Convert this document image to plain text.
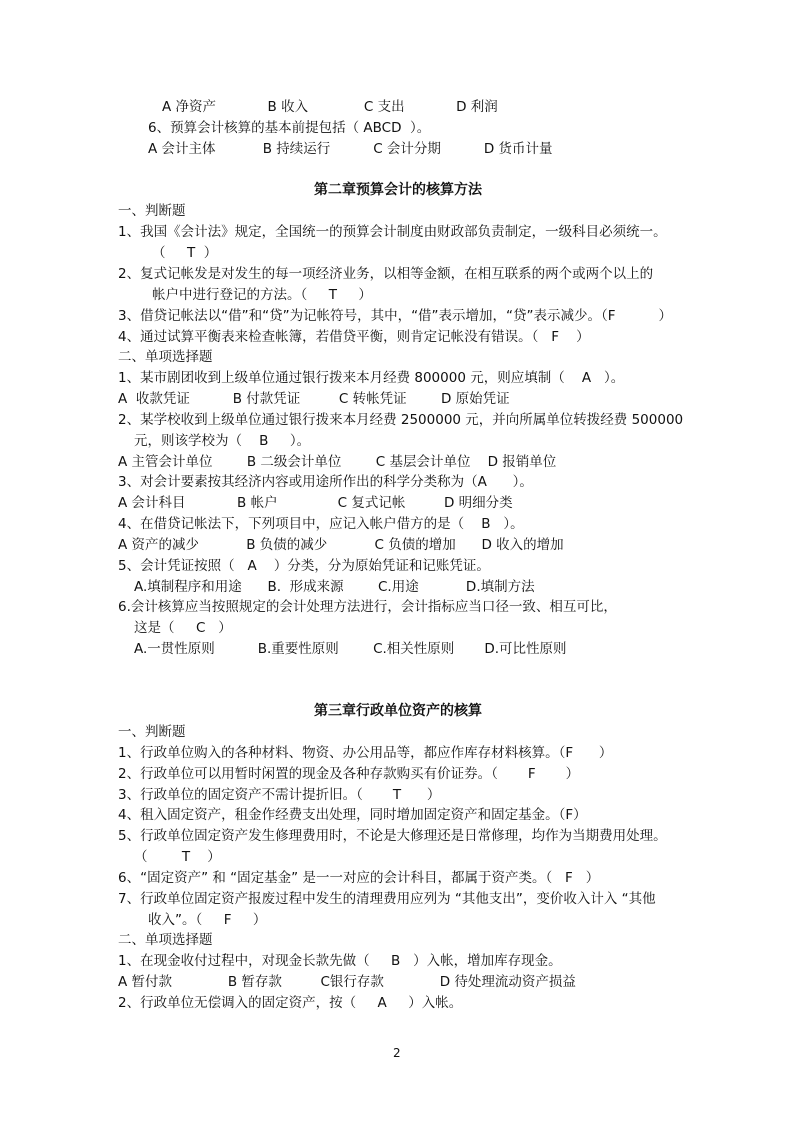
A 净资产            B 收入             C 支出            D 利润
6、预算会计核算的基本前提包括（ ABCD  ）。
A 会计主体           B 持续运行          C 会计分期          D 货币计量
第二章预算会计的核算方法
一、判断题
1、我国《会计法》规定，全国统一的预算会计制度由财政部负责制定，一级科目必须统一。
（     T  ）
2、复式记帐发是对发生的每一项经济业务，以相等金额，在相互联系的两个或两个以上的
帐户中进行登记的方法。（     T     ）
3、借贷记帐法以“借”和“贷”为记帐符号，其中，“借”表示增加，“贷”表示减少。（F          ）
4、通过试算平衡表来检查帐簿，若借贷平衡，则肯定记帐没有错误。（   F    ）
二、单项选择题
1、某市剧团收到上级单位通过银行拨来本月经费 800000 元，则应填制（    A   ）。
A  收款凭证          B 付款凭证         C 转帐凭证        D 原始凭证
2、某学校收到上级单位通过银行拨来本月经费 2500000 元，并向所属单位转拨经费 500000
元，则该学校为（    B     ）。
A 主管会计单位        B 二级会计单位        C 基层会计单位    D 报销单位
3、对会计要素按其经济内容或用途所作出的科学分类称为（A      ）。
A 会计科目            B 帐户              C 复式记帐         D 明细分类
4、在借贷记帐法下，下列项目中，应记入帐户借方的是（    B   ）。
A 资产的减少           B 负债的减少           C 负债的增加      D 收入的增加
5、会计凭证按照（   A    ）分类，分为原始凭证和记账凭证。
A.填制程序和用途      B.  形成来源        C.用途           D.填制方法
6.会计核算应当按照规定的会计处理方法进行，会计指标应当口径一致、相互可比，
这是（     C   ）
A.一贯性原则          B.重要性原则        C.相关性原则       D.可比性原则
第三章行政单位资产的核算
一、判断题
1、行政单位购入的各种材料、物资、办公用品等，都应作库存材料核算。（F      ）
2、行政单位可以用暂时闲置的现金及各种存款购买有价证券。（       F       ）
3、行政单位的固定资产不需计提折旧。（       T      ）
4、租入固定资产，租金作经费支出处理，同时增加固定资产和固定基金。（F）
5、行政单位固定资产发生修理费用时，不论是大修理还是日常修理，均作为当期费用处理。
（        T    ）
6、“固定资产” 和 “固定基金” 是一一对应的会计科目，都属于资产类。（   F   ）
7、行政单位固定资产报废过程中发生的清理费用应列为 “其他支出”，变价收入计入 “其他
收入”。（     F     ）
二、单项选择题
1、在现金收付过程中，对现金长款先做（     B   ）入帐，增加库存现金。
A 暂付款             B 暂存款         C银行存款             D 待处理流动资产损益
2、行政单位无偿调入的固定资产，按（     A     ）入帐。
2
